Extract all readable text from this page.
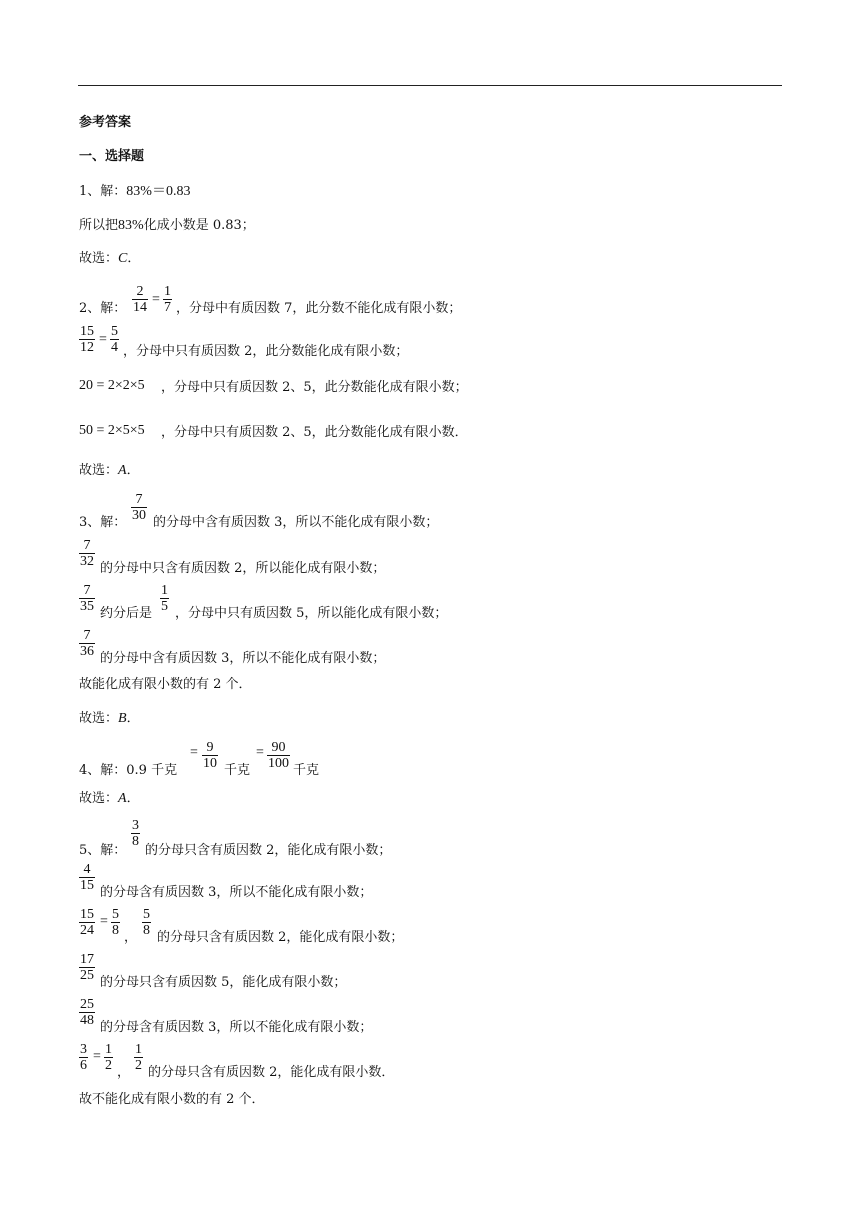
参考答案
一、选择题
1、解：83%＝0.83
所以把83%化成小数是 0.83；
故选：C．
2、解： $\frac{2}{14} = \frac{1}{7}$ ，分母中有质因数 7，此分数不能化成有限小数；
$\frac{15}{12} = \frac{5}{4}$ ，分母中只有质因数 2，此分数能化成有限小数；
20 = 2×2×5 ，分母中只有质因数 2、5，此分数能化成有限小数；
50 = 2×5×5 ，分母中只有质因数 2、5，此分数能化成有限小数．
故选：A．
3、解： $\frac{7}{30}$ 的分母中含有质因数 3，所以不能化成有限小数；
$\frac{7}{32}$ 的分母中只含有质因数 2，所以能化成有限小数；
$\frac{7}{35}$ 约分后是 $\frac{1}{5}$ ，分母中只有质因数 5，所以能化成有限小数；
$\frac{7}{36}$ 的分母中含有质因数 3，所以不能化成有限小数；
故能化成有限小数的有 2 个．
故选：B．
4、解：0.9 千克
= $\frac{9}{10}$ 千克
= $\frac{90}{100}$ 千克
故选：A．
5、解：
$\frac{3}{8}$
的分母只含有质因数 2，能化成有限小数；
$\frac{4}{15}$ 的分母含有质因数 3，所以不能化成有限小数；
$\frac{15}{24} = \frac{5}{8}$ ， $\frac{5}{8}$ 的分母只含有质因数 2，能化成有限小数；
$\frac{17}{25}$ 的分母只含有质因数 5，能化成有限小数；
$\frac{25}{48}$ 的分母含有质因数 3，所以不能化成有限小数；
$\frac{3}{6} = \frac{1}{2}$ ， $\frac{1}{2}$ 的分母只含有质因数 2，能化成有限小数．
故不能化成有限小数的有 2 个．
